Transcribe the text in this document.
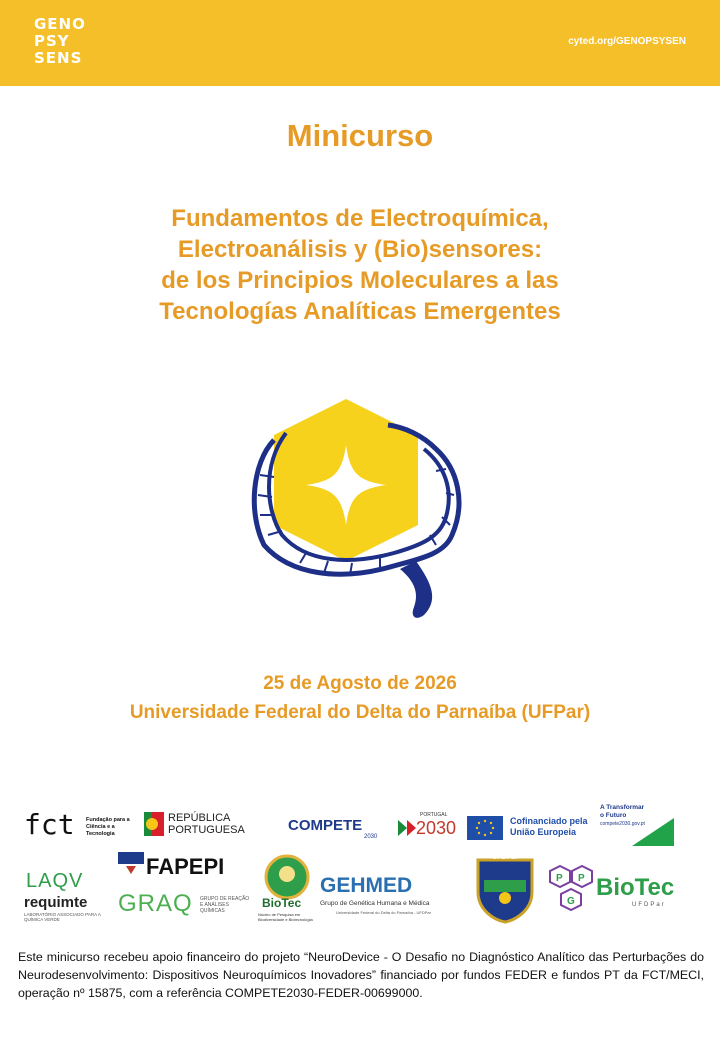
GENO
PSY
SENS
cyted.org/GENOPSYSEN
Minicurso
Fundamentos de Electroquímica,
Electroanálisis y (Bio)sensores:
de los Principios Moleculares a las
Tecnologías Analíticas Emergentes
25 de Agosto de 2026
Universidade Federal do Delta do Parnaíba (UFPar)
fct Fundação para a Ciência e a Tecnologia
REPÚBLICA
PORTUGUESA	COMPETE
2030
PORTUGAL
2030	Cofinanciado pela
União Europeia
A Transformar
o Futuro
compete2030.gov.pt
LAQV
requimte
LABORATÓRIO ASSOCIADO PARA A QUÍMICA VERDE
FAPEPI
GRAQ GRUPO DE REAÇÃO E ANÁLISES QUÍMICAS
BioTec
Núcleo de Pesquisa em Biodiversidade e Biotecnologia
GEHMED
Grupo de Genética Humana e Médica
Universidade Federal do Delta do Parnaíba - UFDPar
UFDPar
P P
G
BioTec
UFDPar
Este minicurso recebeu apoio financeiro do projeto “NeuroDevice - O Desafio no Diagnóstico Analítico das Perturbações do Neurodesenvolvimento: Dispositivos Neuroquímicos Inovadores” financiado por fundos FEDER e fundos PT da FCT/MECI, operação nº 15875, com a referência COMPETE2030-FEDER-00699000.
